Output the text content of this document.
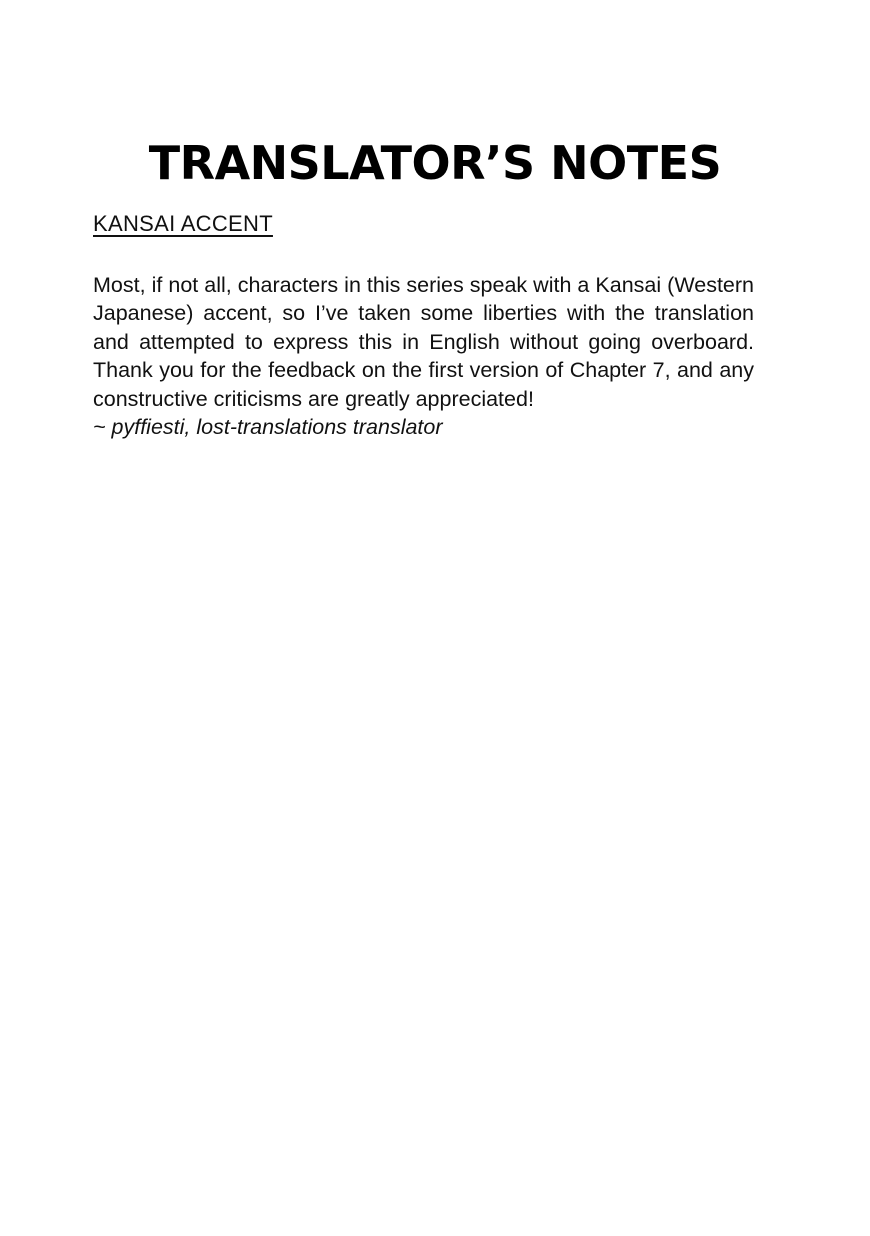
TRANSLATOR’S NOTES
KANSAI ACCENT

Most, if not all, characters in this series speak with a Kansai (Western Japanese) accent, so I’ve taken some liberties with the translation and attempted to express this in English without going overboard. Thank you for the feedback on the first version of Chapter 7, and any constructive criticisms are greatly appreciated!

~ pyffiesti, lost-translations translator
